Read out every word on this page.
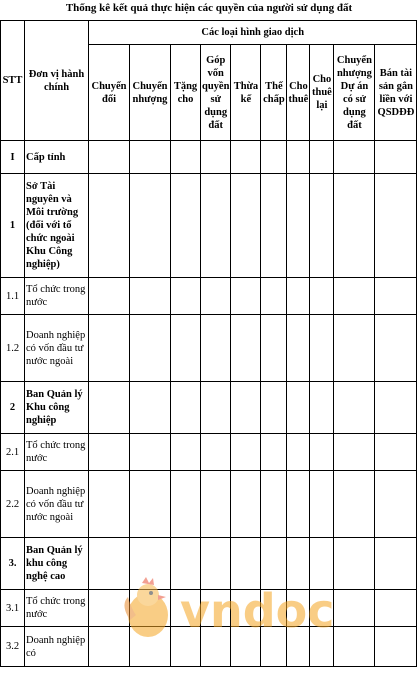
Thống kê kết quả thực hiện các quyền của người sử dụng đất
STT	Đơn vị hành chính	Các loại hình giao dịch									
		Chuyển đổi	Chuyển nhượng	Tặng cho	Góp vốn quyền sử dụng đất	Thừa kế	Thế chấp	Cho thuê	Cho thuê lại	Chuyển nhượng Dự án có sử dụng đất	Bán tài sản gắn liền với QSDĐĐ
I	Cấp tỉnh										
1	Sở Tài nguyên và Môi trường (đối với tổ chức ngoài Khu Công nghiệp)										
1.1	Tổ chức trong nước										
1.2	Doanh nghiệp có vốn đầu tư nước ngoài										
2	Ban Quản lý Khu công nghiệp										
2.1	Tổ chức trong nước										
2.2	Doanh nghiệp có vốn đầu tư nước ngoài										
3.	Ban Quản lý khu công nghệ cao										
3.1	Tổ chức trong nước										
3.2	Doanh nghiệp có										
vndoc
